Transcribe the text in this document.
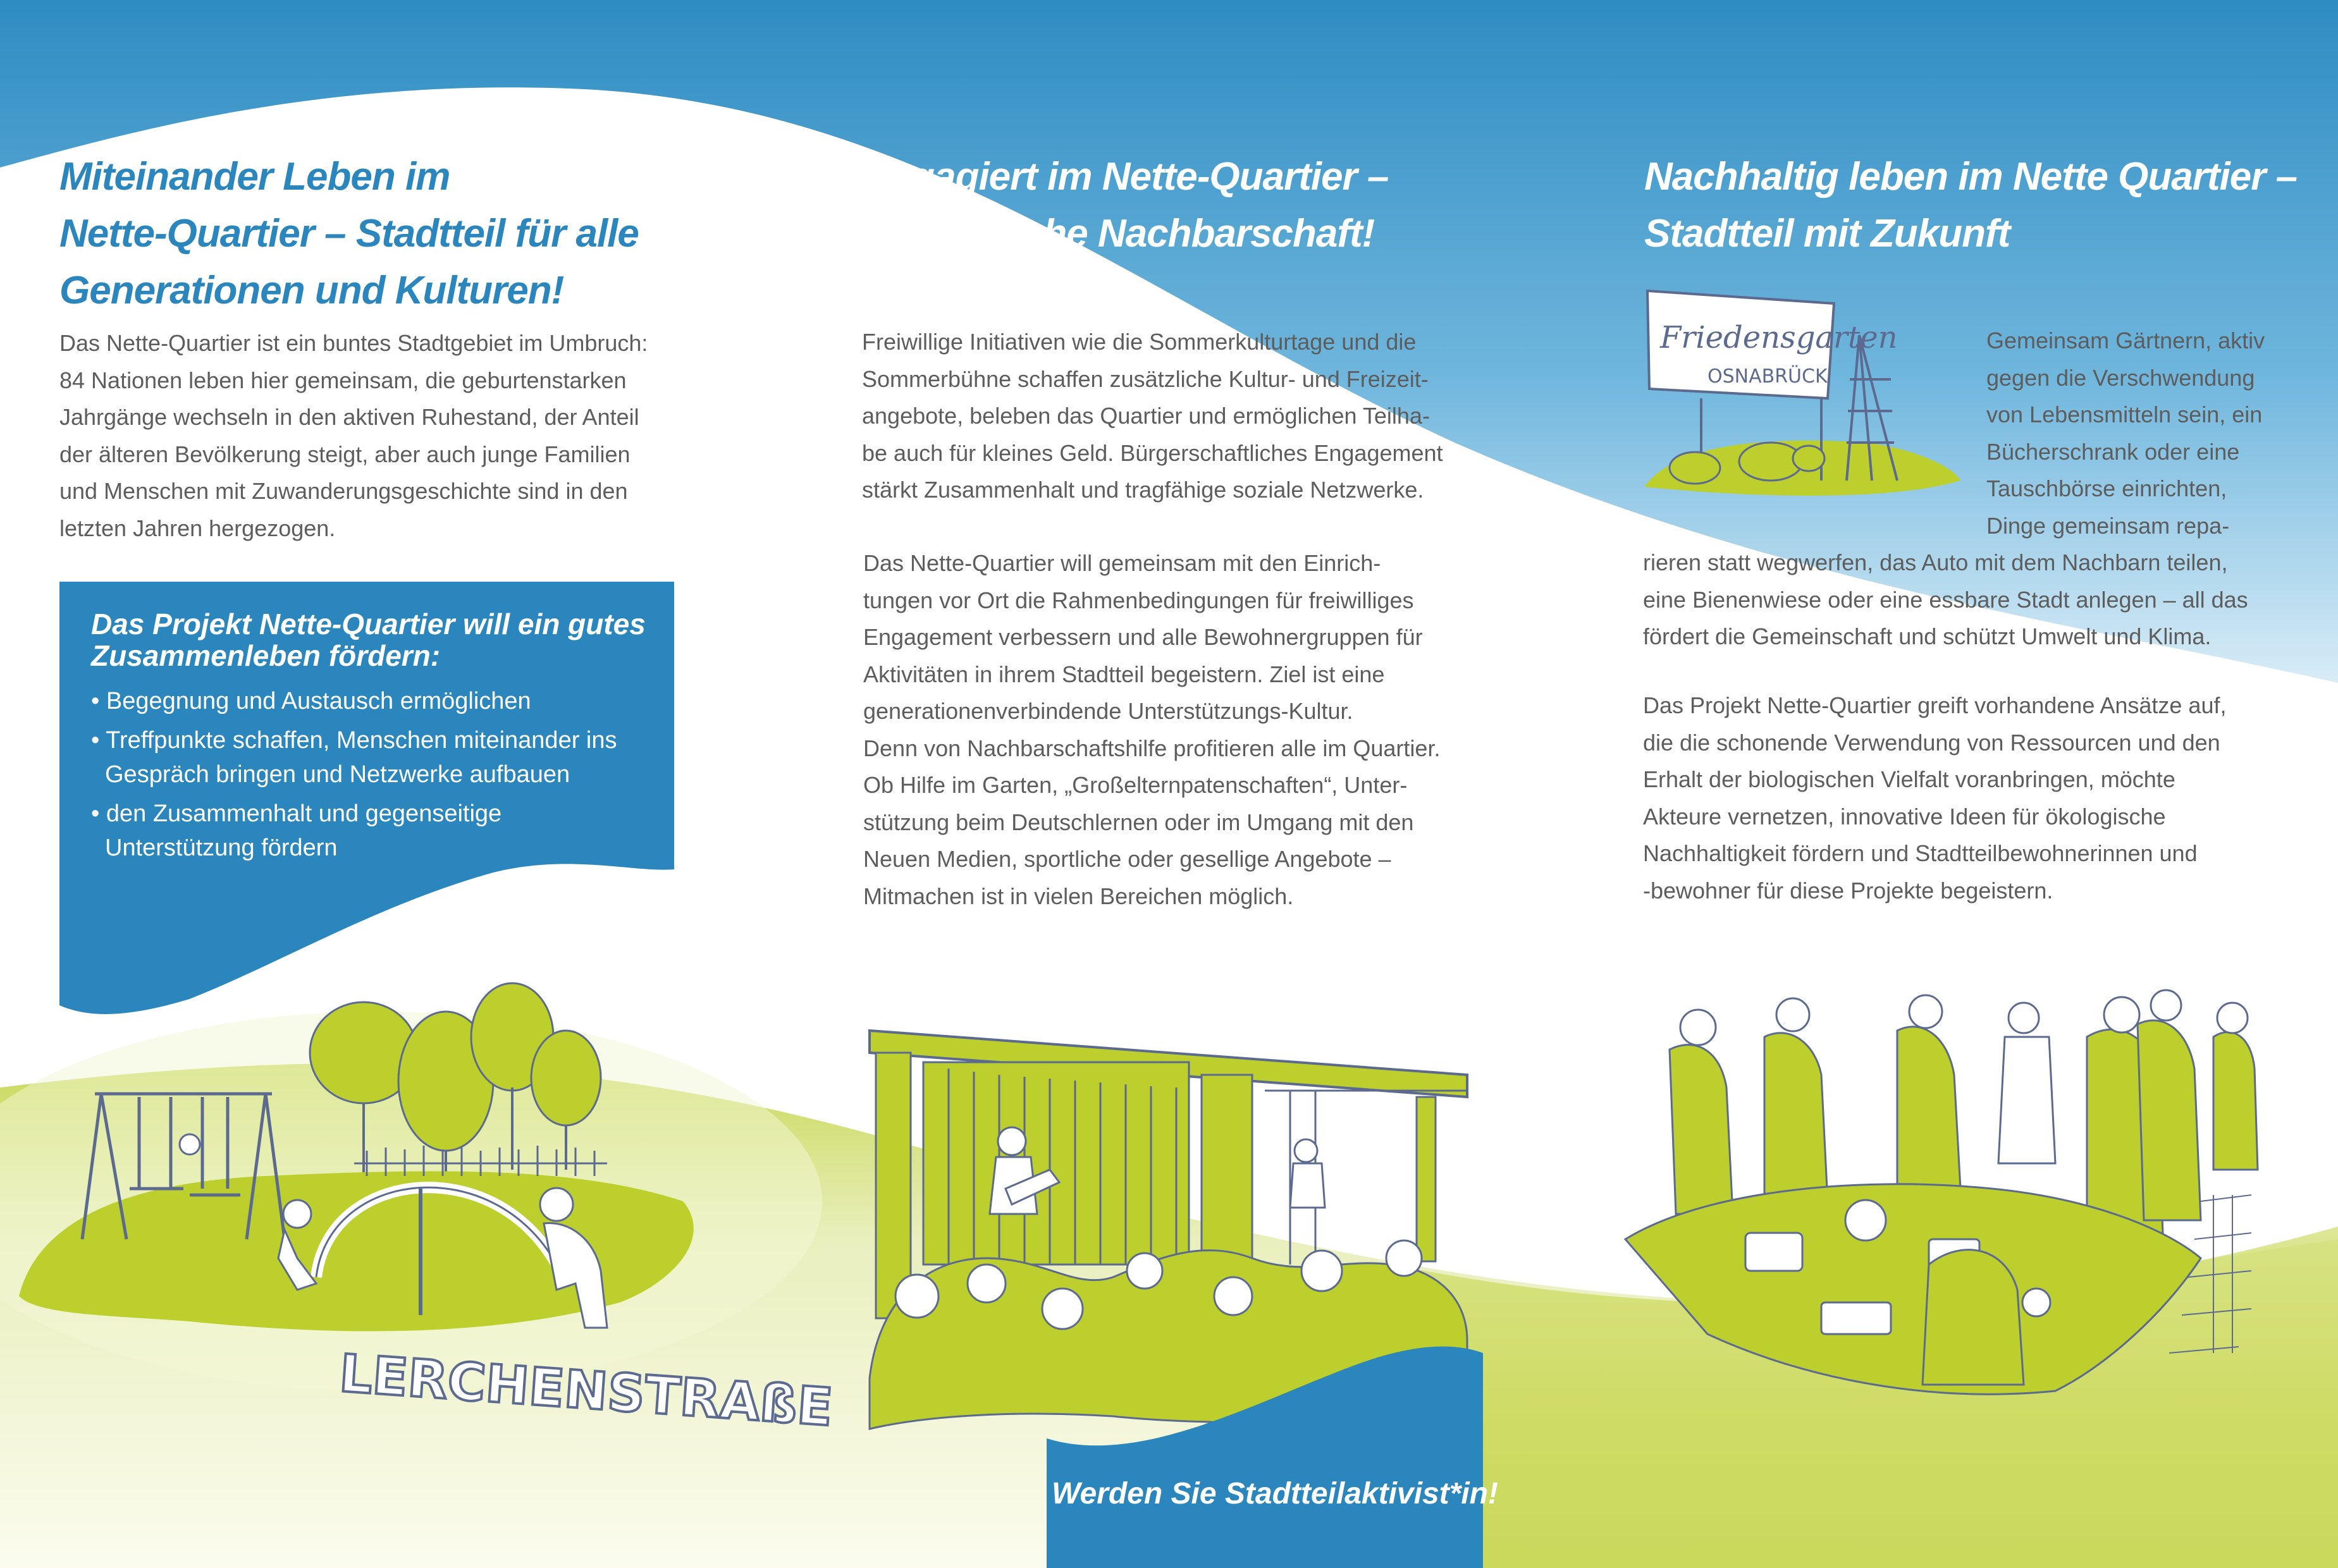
Miteinander Leben im
Nette-Quartier – Stadtteil für alle
Generationen und Kulturen!
Das Nette-Quartier ist ein buntes Stadtgebiet im Umbruch:
84 Nationen leben hier gemeinsam, die geburtenstarken
Jahrgänge wechseln in den aktiven Ruhestand, der Anteil
der älteren Bevölkerung steigt, aber auch junge Familien
und Menschen mit Zuwanderungsgeschichte sind in den
letzten Jahren hergezogen.
Das Projekt Nette-Quartier will ein gutes
Zusammenleben fördern:
• Begegnung und Austausch ermöglichen
• Treffpunkte schaffen, Menschen miteinander ins
Gespräch bringen und Netzwerke aufbauen
• den Zusammenhalt und gegenseitige
Unterstützung fördern
LERCHENSTRAßE
Engagiert im Nette-Quartier –
Solidarische Nachbarschaft!
Freiwillige Initiativen wie die Sommerkulturtage und die
Sommerbühne schaffen zusätzliche Kultur- und Freizeit-
angebote, beleben das Quartier und ermöglichen Teilha-
be auch für kleines Geld. Bürgerschaftliches Engagement
stärkt Zusammenhalt und tragfähige soziale Netzwerke.
Das Nette-Quartier will gemeinsam mit den Einrich-
tungen vor Ort die Rahmenbedingungen für freiwilliges
Engagement verbessern und alle Bewohnergruppen für
Aktivitäten in ihrem Stadtteil begeistern. Ziel ist eine
generationenverbindende Unterstützungs-Kultur.
Denn von Nachbarschaftshilfe profitieren alle im Quartier.
Ob Hilfe im Garten, „Großelternpatenschaften“, Unter-
stützung beim Deutschlernen oder im Umgang mit den
Neuen Medien, sportliche oder gesellige Angebote –
Mitmachen ist in vielen Bereichen möglich.
Werden Sie Stadtteilaktivist*in!
Nachhaltig leben im Nette Quartier –
Stadtteil mit Zukunft
Friedensgarten
OSNABRÜCK
Gemeinsam Gärtnern, aktiv
gegen die Verschwendung
von Lebensmitteln sein, ein
Bücherschrank oder eine
Tauschbörse einrichten,
Dinge gemeinsam repa-
rieren statt wegwerfen, das Auto mit dem Nachbarn teilen,
eine Bienenwiese oder eine essbare Stadt anlegen – all das
fördert die Gemeinschaft und schützt Umwelt und Klima.
Das Projekt Nette-Quartier greift vorhandene Ansätze auf,
die die schonende Verwendung von Ressourcen und den
Erhalt der biologischen Vielfalt voranbringen, möchte
Akteure vernetzen, innovative Ideen für ökologische
Nachhaltigkeit fördern und Stadtteilbewohnerinnen und
-bewohner für diese Projekte begeistern.
